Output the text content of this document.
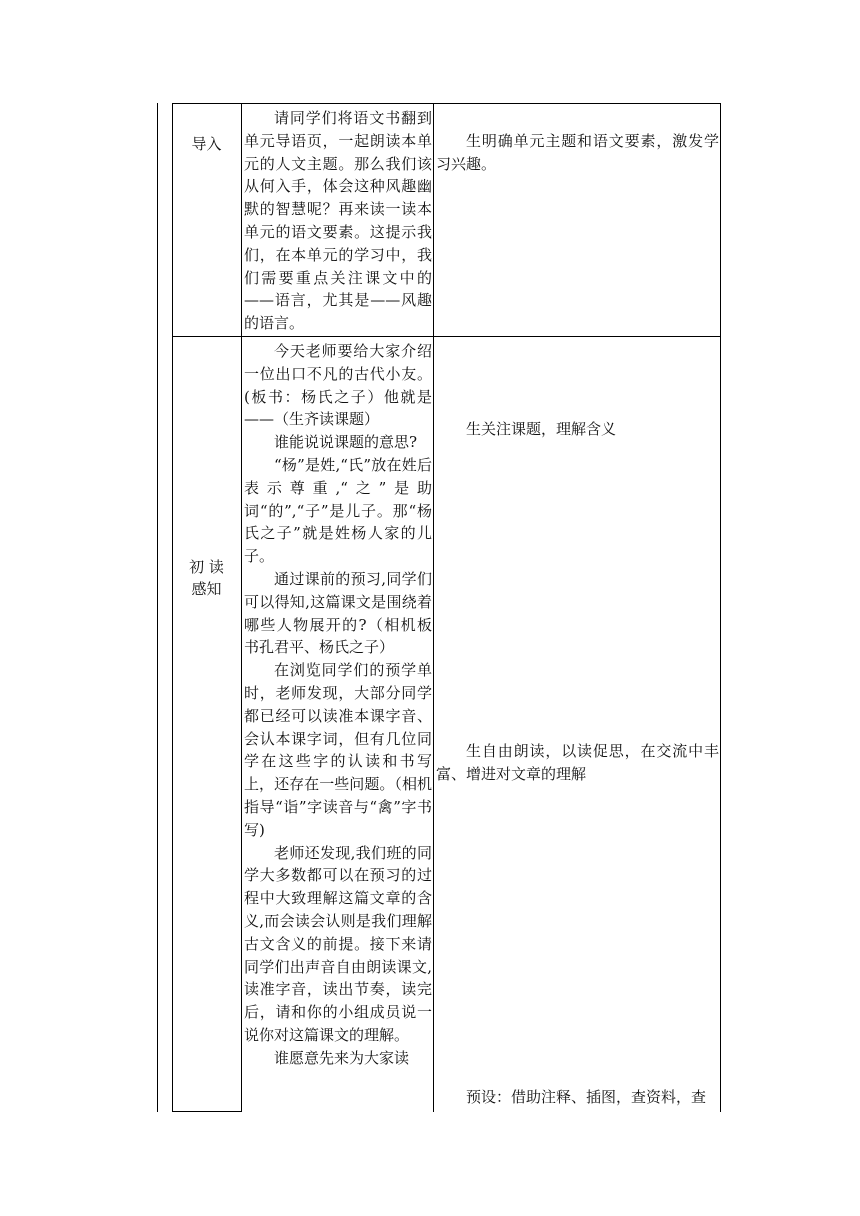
导入

请同学们将语文书翻到单元导语页，一起朗读本单元的人文主题。那么我们该从何入手，体会这种风趣幽默的智慧呢？再来读一读本单元的语文要素。这提示我们，在本单元的学习中，我们需要重点关注课文中的——语言，尤其是——风趣的语言。

生明确单元主题和语文要素，激发学习兴趣。

初 读
感知

今天老师要给大家介绍一位出口不凡的古代小友。(板书：杨氏之子）他就是——（生齐读课题）

谁能说说课题的意思?

“杨”是姓,“氏”放在姓后表示尊重,“之”是助词“的”,“子”是儿子。那“杨氏之子”就是姓杨人家的儿子。

通过课前的预习,同学们可以得知,这篇课文是围绕着哪些人物展开的?（相机板书孔君平、杨氏之子）

在浏览同学们的预学单时，老师发现，大部分同学都已经可以读准本课字音、会认本课字词，但有几位同学在这些字的认读和书写上，还存在一些问题。（相机指导“诣”字读音与“禽”字书写)

老师还发现,我们班的同学大多数都可以在预习的过程中大致理解这篇文章的含义,而会读会认则是我们理解古文含义的前提。接下来请同学们出声音自由朗读课文,读准字音，读出节奏，读完后，请和你的小组成员说一说你对这篇课文的理解。

谁愿意先来为大家读

生关注课题，理解含义

生自由朗读，以读促思，在交流中丰富、增进对文章的理解

预设：借助注释、插图，查资料，查
